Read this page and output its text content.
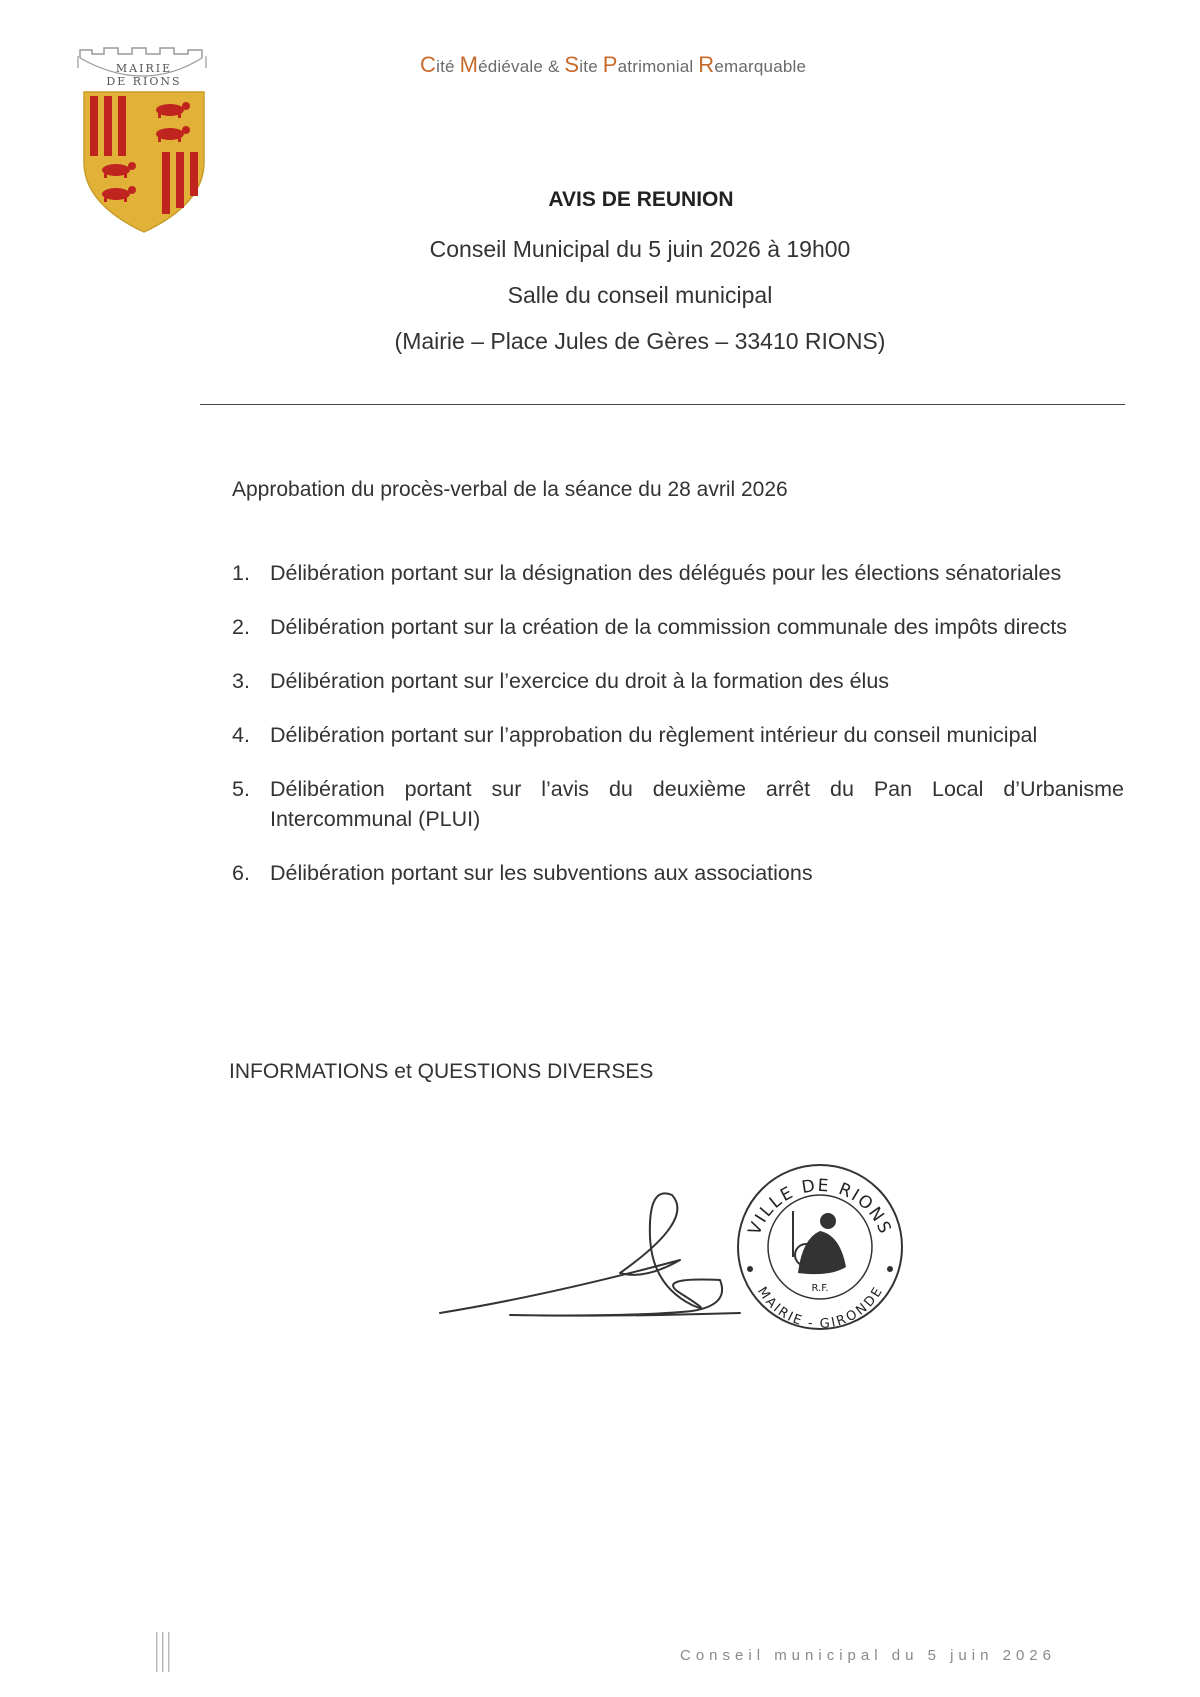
MAIRIE
DE RIONS
Cité Médiévale & Site Patrimonial Remarquable
AVIS DE REUNION
Conseil Municipal du 5 juin 2026 à 19h00
Salle du conseil municipal
(Mairie – Place Jules de Gères – 33410 RIONS)
Approbation du procès-verbal de la séance du 28 avril 2026
1. Délibération portant sur la désignation des délégués pour les élections sénatoriales
2. Délibération portant sur la création de la commission communale des impôts directs
3. Délibération portant sur l’exercice du droit à la formation des élus
4. Délibération portant sur l’approbation du règlement intérieur du conseil municipal
5. Délibération portant sur l’avis du deuxième arrêt du Pan Local d’Urbanisme Intercommunal (PLUI)
6. Délibération portant sur les subventions aux associations
INFORMATIONS et QUESTIONS DIVERSES
VILLE DE RIONS
MAIRIE - GIRONDE
R.F.
Conseil municipal du 5 juin 2026
